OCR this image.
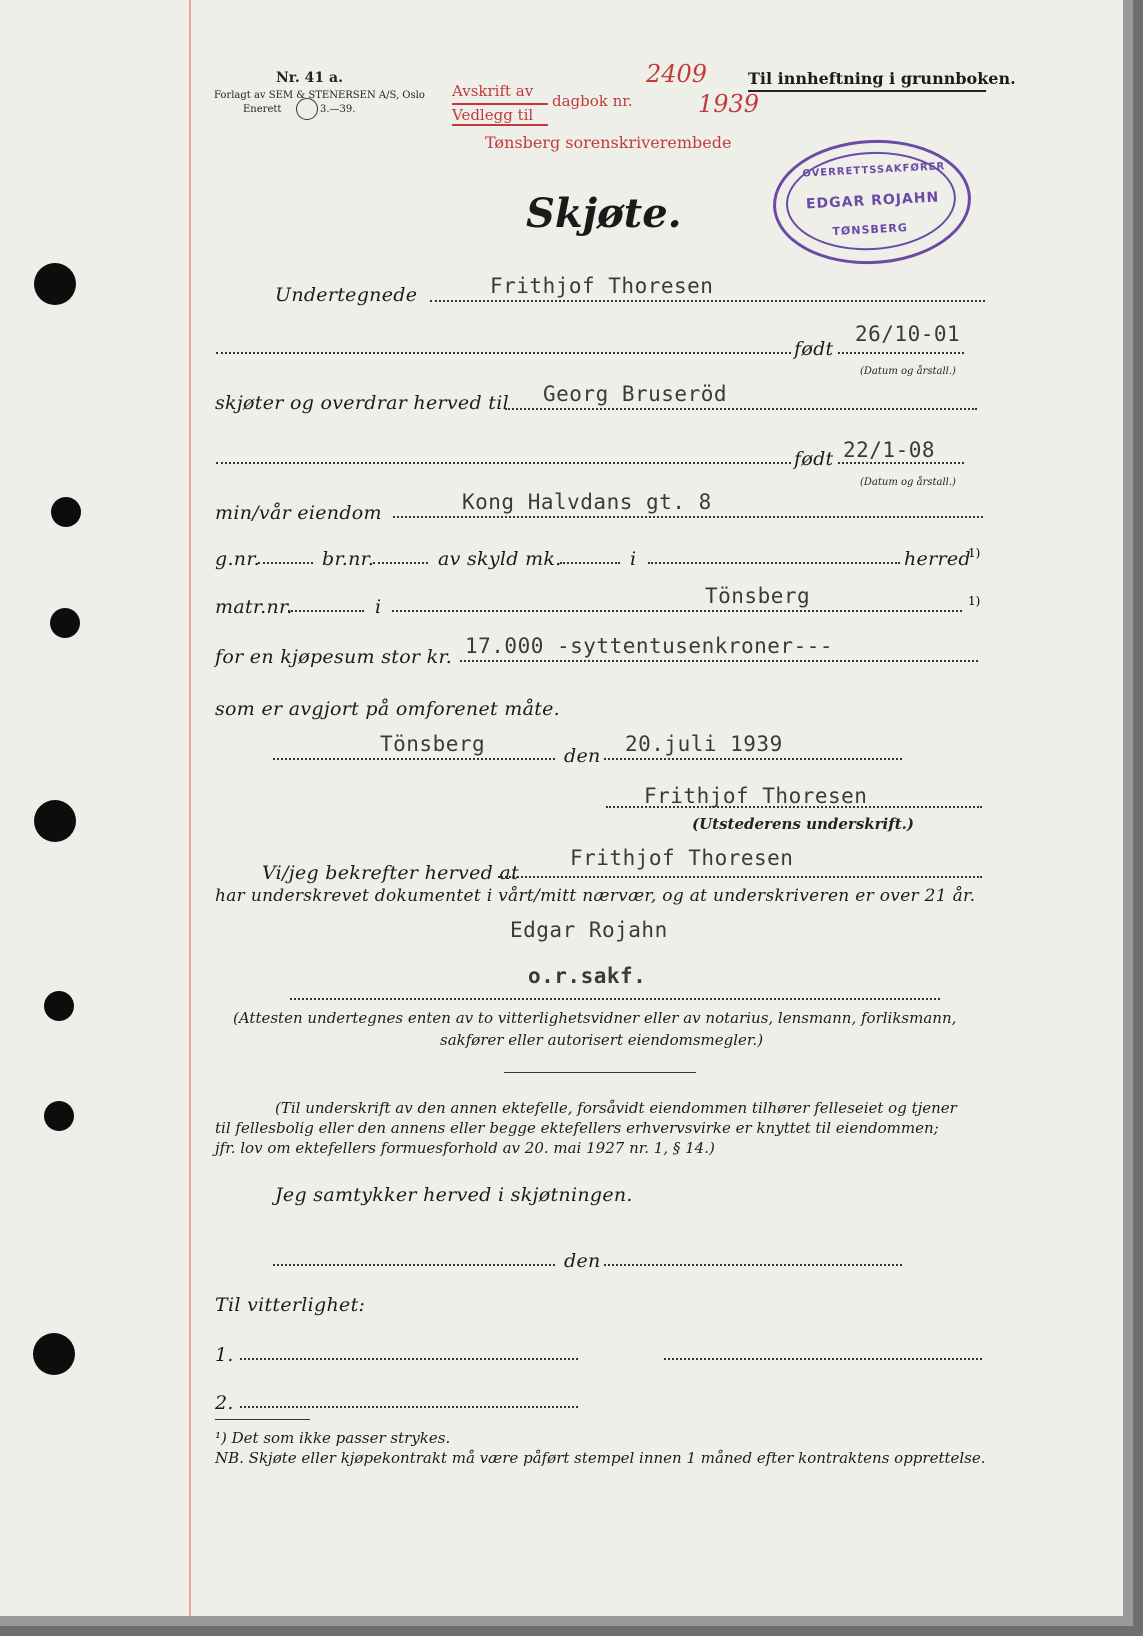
Nr. 41 a.
Forlagt av SEM & STENERSEN A/S, Oslo
Enerett	3.—39.
Avskrift av
Vedlegg til
dagbok nr.
2409
1939
Tønsberg sorenskriverembede
Til innheftning i grunnboken.
OVERRETTSSAKFØRER
EDGAR ROJAHN
TØNSBERG
Skjøte.
Undertegnede	Frithjof Thoresen
født
26/10-01
(Datum og årstall.)
skjøter og overdrar herved til Georg Bruseröd
født 22/1-08
(Datum og årstall.)
min/vår eiendom	Kong Halvdans gt. 8
g.nr.	br.nr.	av skyld mk.	i	herred
1)
matr.nr.	i	Tönsberg	1)
for en kjøpesum stor kr. 17.000 -syttentusenkroner---
som er avgjort på omforenet måte.
Tönsberg	den 20.juli 1939
Frithjof Thoresen
(Utstederens underskrift.)
Vi/jeg bekrefter herved at
Frithjof Thoresen
har underskrevet dokumentet i vårt/mitt nærvær, og at underskriveren er over 21 år.
Edgar Rojahn
o.r.sakf.
(Attesten undertegnes enten av to vitterlighetsvidner eller av notarius, lensmann, forliksmann,
sakfører eller autorisert eiendomsmegler.)
(Til underskrift av den annen ektefelle, forsåvidt eiendommen tilhører felleseiet og tjener
til fellesbolig eller den annens eller begge ektefellers erhvervsvirke er knyttet til eiendommen;
jfr. lov om ektefellers formuesforhold av 20. mai 1927 nr. 1, § 14.)
Jeg samtykker herved i skjøtningen.
den
Til vitterlighet:
1.
2.
¹) Det som ikke passer strykes.
NB. Skjøte eller kjøpekontrakt må være påført stempel innen 1 måned efter kontraktens opprettelse.
